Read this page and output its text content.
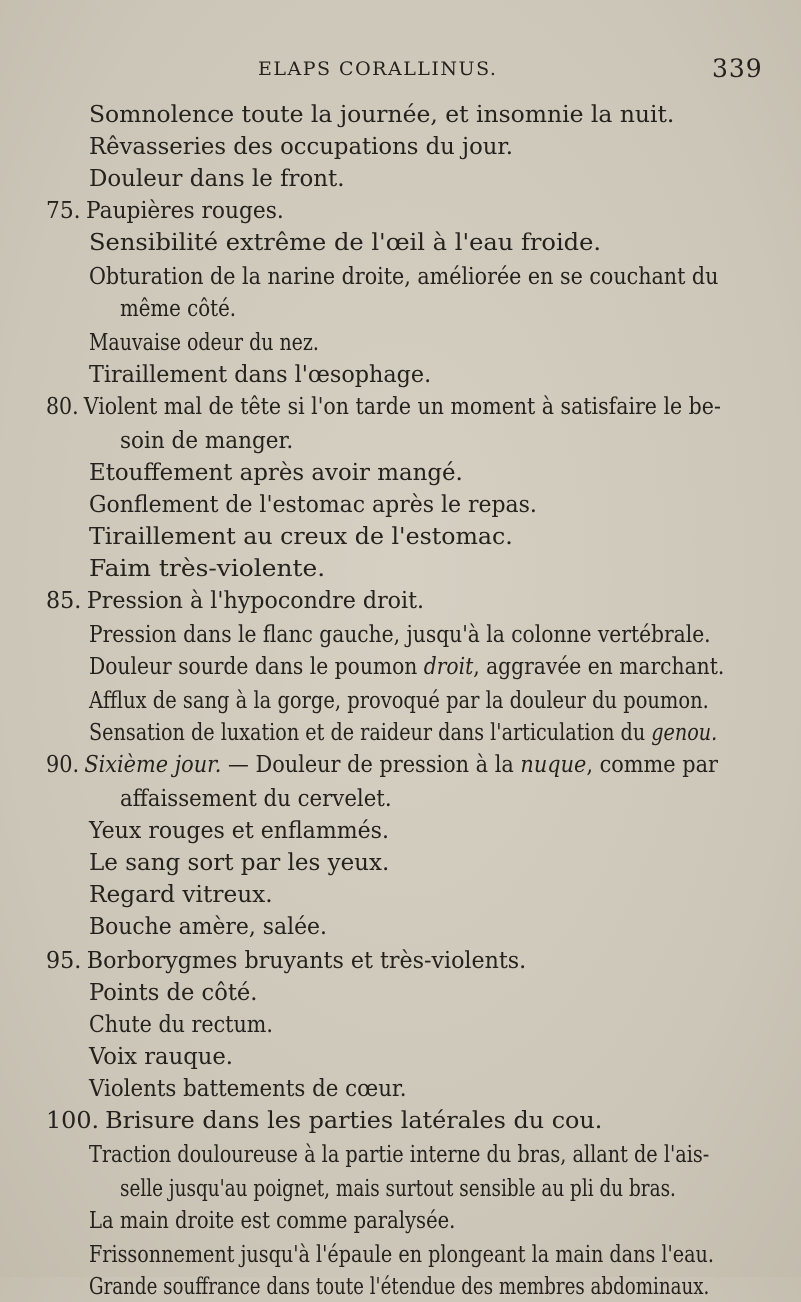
ELAPS CORALLINUS.	339
Somnolence toute la journée, et insomnie la nuit.
Rêvasseries des occupations du jour.
Douleur dans le front.
75. Paupières rouges.
Sensibilité extrême de l'œil à l'eau froide.
Obturation de la narine droite, améliorée en se couchant du
même côté.
Mauvaise odeur du nez.
Tiraillement dans l'œsophage.
80. Violent mal de tête si l'on tarde un moment à satisfaire le be-
soin de manger.
Etouffement après avoir mangé.
Gonflement de l'estomac après le repas.
Tiraillement au creux de l'estomac.
Faim très-violente.
85. Pression à l'hypocondre droit.
Pression dans le flanc gauche, jusqu'à la colonne vertébrale.
Douleur sourde dans le poumon droit, aggravée en marchant.
Afflux de sang à la gorge, provoqué par la douleur du poumon.
Sensation de luxation et de raideur dans l'articulation du genou.
90. Sixième jour. — Douleur de pression à la nuque, comme par
affaissement du cervelet.
Yeux rouges et enflammés.
Le sang sort par les yeux.
Regard vitreux.
Bouche amère, salée.
95. Borborygmes bruyants et très-violents.
Points de côté.
Chute du rectum.
Voix rauque.
Violents battements de cœur.
100. Brisure dans les parties latérales du cou.
Traction douloureuse à la partie interne du bras, allant de l'ais-
selle jusqu'au poignet, mais surtout sensible au pli du bras.
La main droite est comme paralysée.
Frissonnement jusqu'à l'épaule en plongeant la main dans l'eau.
Grande souffrance dans toute l'étendue des membres abdominaux.
